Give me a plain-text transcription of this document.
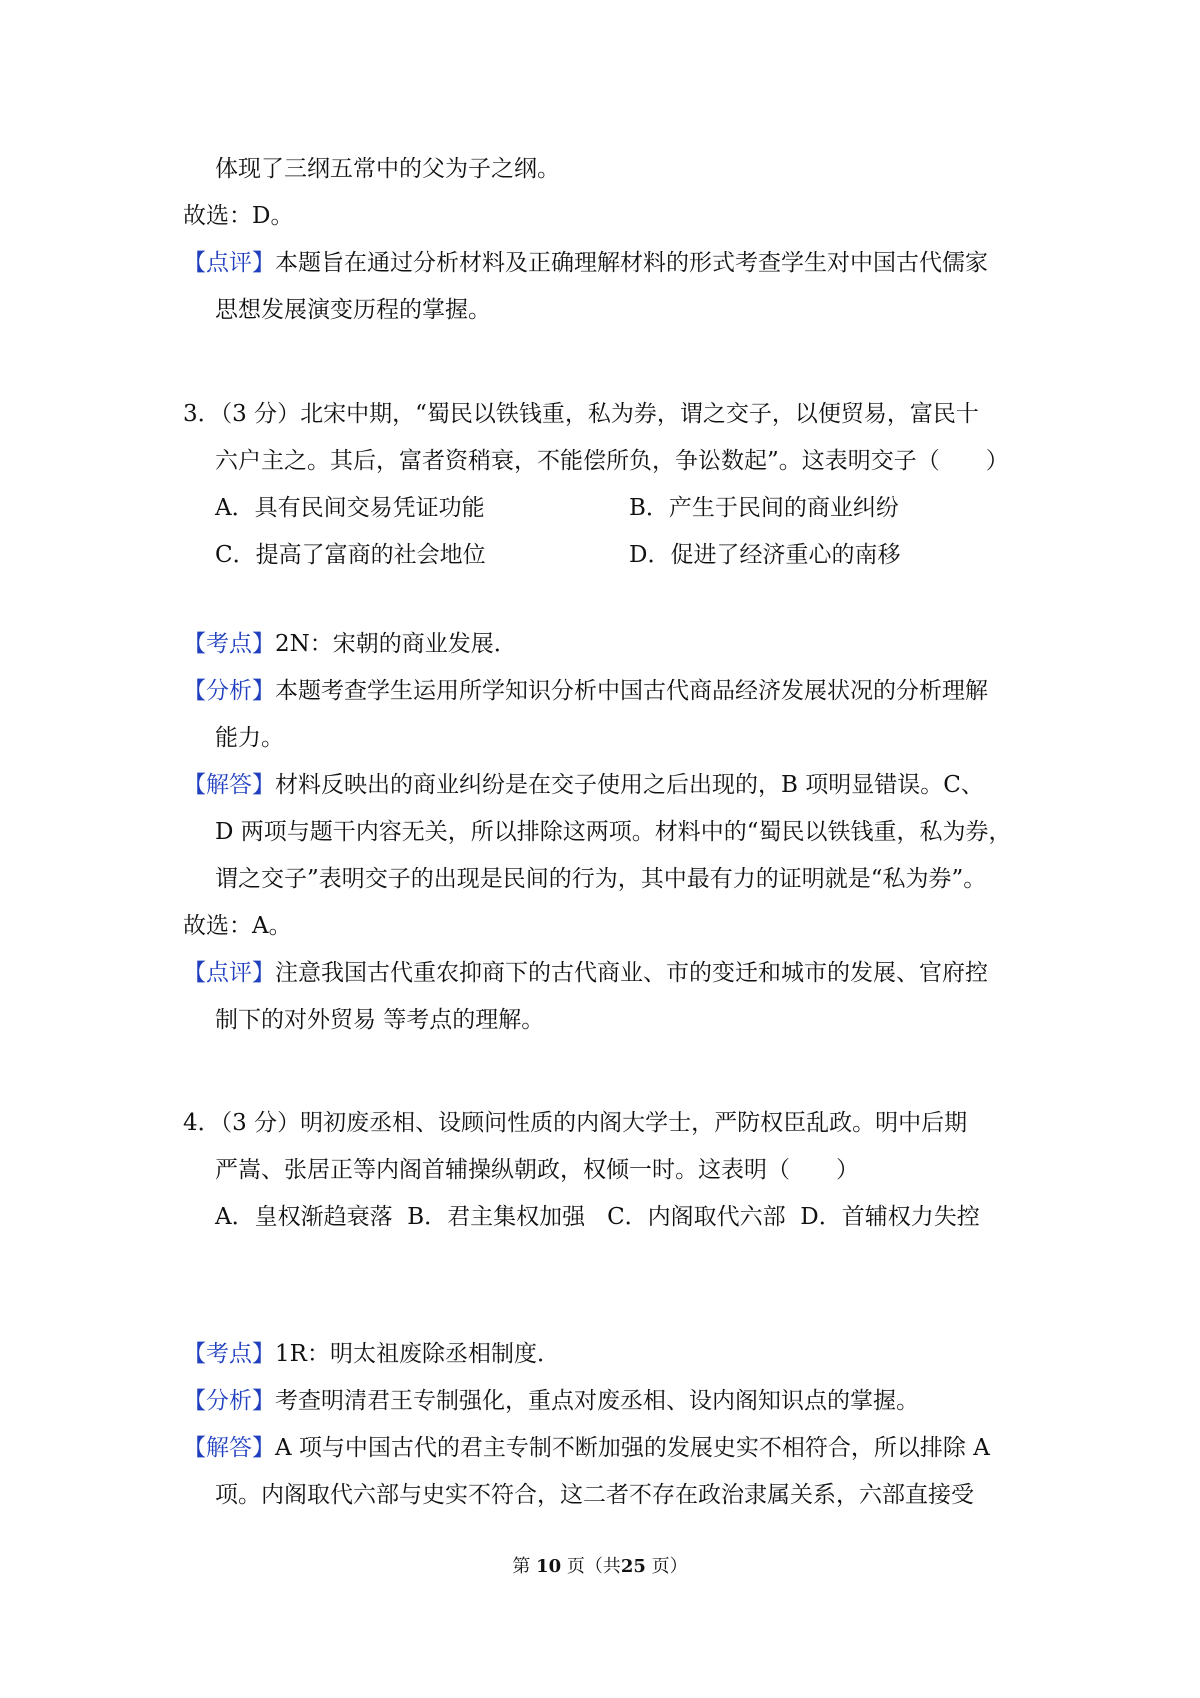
体现了三纲五常中的父为子之纲。
故选：D。
【点评】本题旨在通过分析材料及正确理解材料的形式考查学生对中国古代儒家
思想发展演变历程的掌握。
3．（3 分）北宋中期，“蜀民以铁钱重，私为券，谓之交子，以便贸易，富民十
六户主之。其后，富者资稍衰，不能偿所负，争讼数起”。这表明交子（　　）
A．具有民间交易凭证功能	B．产生于民间的商业纠纷
C．提高了富商的社会地位	D．促进了经济重心的南移
【考点】2N：宋朝的商业发展．
【分析】本题考查学生运用所学知识分析中国古代商品经济发展状况的分析理解
能力。
【解答】材料反映出的商业纠纷是在交子使用之后出现的，B 项明显错误。C、
D 两项与题干内容无关，所以排除这两项。材料中的“蜀民以铁钱重，私为券，
谓之交子”表明交子的出现是民间的行为，其中最有力的证明就是“私为券”。
故选：A。
【点评】注意我国古代重农抑商下的古代商业、市的变迁和城市的发展、官府控
制下的对外贸易 等考点的理解。
4．（3 分）明初废丞相、设顾问性质的内阁大学士，严防权臣乱政。明中后期
严嵩、张居正等内阁首辅操纵朝政，权倾一时。这表明（　　）
A．皇权渐趋衰落  B．君主集权加强   C．内阁取代六部  D．首辅权力失控
【考点】1R：明太祖废除丞相制度．
【分析】考查明清君王专制强化，重点对废丞相、设内阁知识点的掌握。
【解答】A 项与中国古代的君主专制不断加强的发展史实不相符合，所以排除 A
项。内阁取代六部与史实不符合，这二者不存在政治隶属关系，六部直接受
第 10 页（共25 页）
